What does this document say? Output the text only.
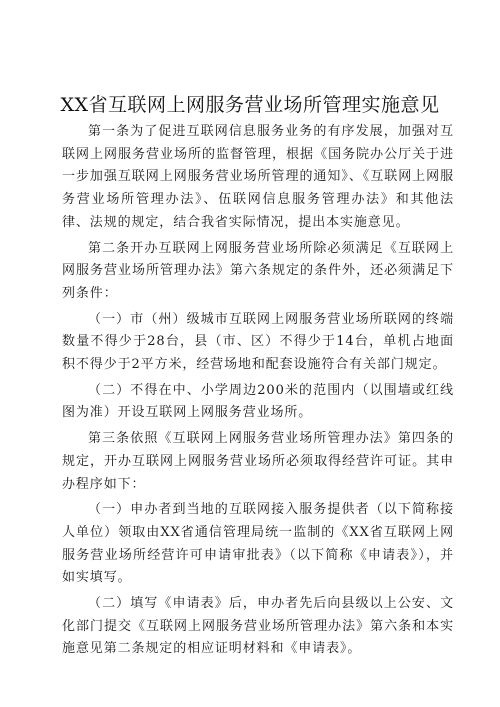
XX省互联网上网服务营业场所管理实施意见

第一条为了促进互联网信息服务业务的有序发展，加强对互联网上网服务营业场所的监督管理，根据《国务院办公厅关于进一步加强互联网上网服务营业场所管理的通知》、《互联网上网服务营业场所管理办法》、伍联网信息服务管理办法》和其他法律、法规的规定，结合我省实际情况，提出本实施意见。

第二条开办互联网上网服务营业场所除必须满足《互联网上网服务营业场所管理办法》第六条规定的条件外，还必须满足下列条件：

（一）市（州）级城市互联网上网服务营业场所联网的终端数量不得少于28台，县（市、区）不得少于14台，单机占地面积不得少于2平方米，经营场地和配套设施符合有关部门规定。

（二）不得在中、小学周边200米的范围内（以围墙或红线图为准）开设互联网上网服务营业场所。

第三条依照《互联网上网服务营业场所管理办法》第四条的规定，开办互联网上网服务营业场所必须取得经营许可证。其申办程序如下：

（一）申办者到当地的互联网接入服务提供者（以下简称接人单位）领取由XX省通信管理局统一监制的《XX省互联网上网服务营业场所经营许可申请审批表》（以下简称《申请表》），并如实填写。

（二）填写《申请表》后，申办者先后向县级以上公安、文化部门提交《互联网上网服务营业场所管理办法》第六条和本实施意见第二条规定的相应证明材料和《申请表》。
